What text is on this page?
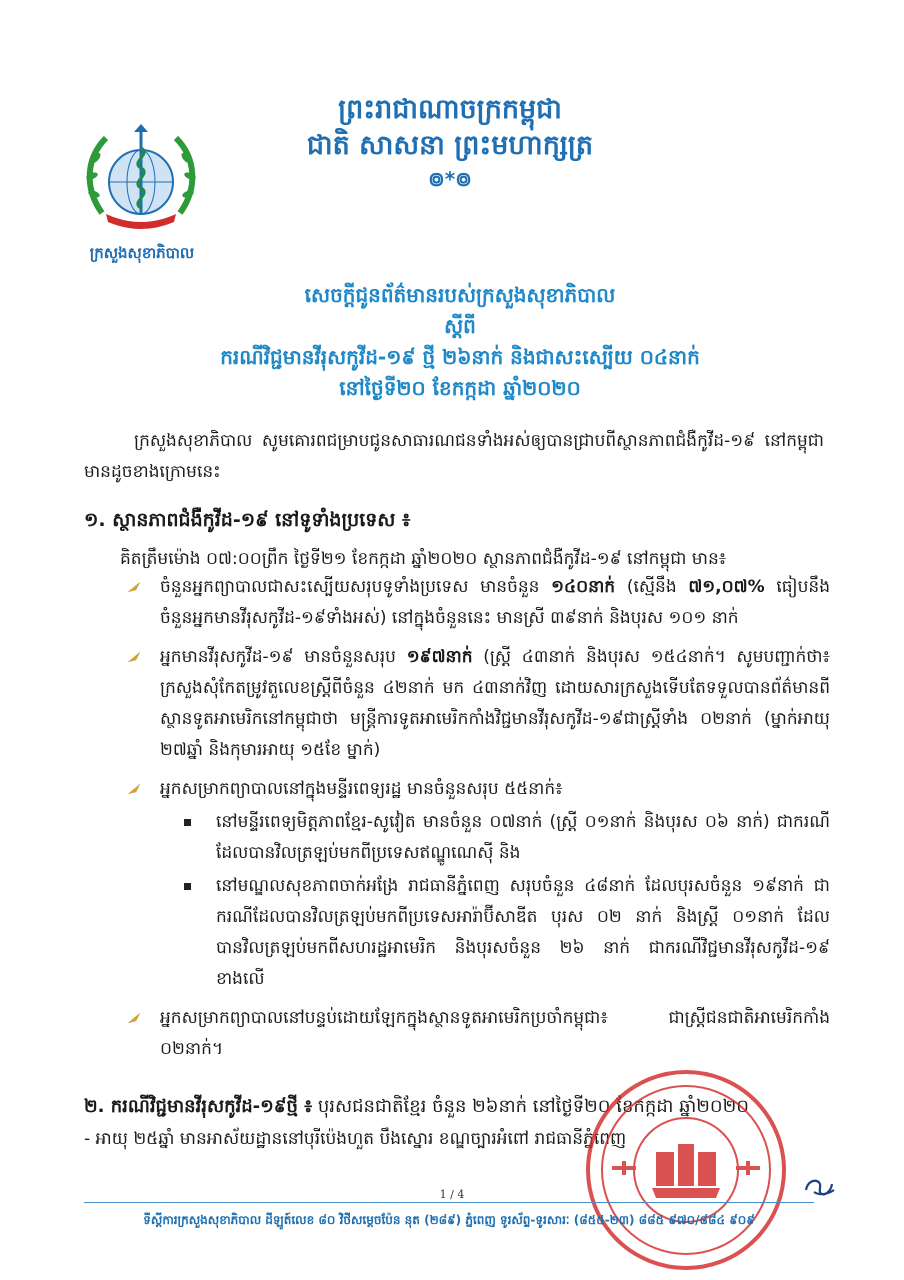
ព្រះរាជាណាចក្រកម្ពុជា
ជាតិ សាសនា ព្រះមហាក្សត្រ
៙*៙
ក្រសួងសុខាភិបាល
សេចក្ដីជូនព័ត៌មានរបស់ក្រសួងសុខាភិបាល
ស្ដីពី
ករណីវិជ្ជមានវីរុសកូវីដ-១៩ ថ្មី ២៦នាក់ និងជាសះស្បើយ ០៤នាក់
នៅថ្ងៃទី២០ ខែកក្កដា ឆ្នាំ២០២០
ក្រសួងសុខាភិបាល សូមគោរពជម្រាបជូនសាធារណជនទាំងអស់ឲ្យបានជ្រាបពីស្ថានភាពជំងឺកូវីដ-១៩ នៅកម្ពុជា មានដូចខាងក្រោមនេះ
១. ស្ថានភាពជំងឺកូវីដ-១៩ នៅទូទាំងប្រទេស ៖
គិតត្រឹមម៉ោង ០៧:០០ព្រឹក ថ្ងៃទី២១ ខែកក្កដា ឆ្នាំ២០២០ ស្ថានភាពជំងឺកូវីដ-១៩ នៅកម្ពុជា មាន៖
ចំនួនអ្នកព្យាបាលជាសះស្បើយសរុបទូទាំងប្រទេស មានចំនួន ១៤០នាក់ (ស្មើនឹង ៧១,០៧% ធៀបនឹងចំនួនអ្នកមានវីរុសកូវីដ-១៩ទាំងអស់) នៅក្នុងចំនួននេះ មានស្រី ៣៩នាក់ និងបុរស ១០១ នាក់
អ្នកមានវីរុសកូវីដ-១៩ មានចំនួនសរុប ១៩៧នាក់ (ស្ត្រី ៤៣នាក់ និងបុរស ១៥៤នាក់។ សូមបញ្ជាក់ថា៖ ក្រសួងសុំកែតម្រូវតួលេខស្ត្រីពីចំនួន ៤២នាក់ មក ៤៣នាក់វិញ ដោយសារក្រសួងទើបតែទទួលបានព័ត៌មានពីស្ថានទូតអាមេរិកនៅកម្ពុជាថា មន្ត្រីការទូតអាមេរិកកាំងវិជ្ជមានវីរុសកូវីដ-១៩ជាស្ត្រីទាំង ០២នាក់ (ម្នាក់អាយុ ២៧ឆ្នាំ និងកុមារអាយុ ១៥ខែ ម្នាក់)
អ្នកសម្រាកព្យាបាលនៅក្នុងមន្ទីរពេទ្យរដ្ឋ មានចំនួនសរុប ៥៥នាក់៖
នៅមន្ទីរពេទ្យមិត្តភាពខ្មែរ-សូវៀត មានចំនួន ០៧នាក់ (ស្ត្រី ០១នាក់ និងបុរស ០៦ នាក់) ជាករណីដែលបានវិលត្រឡប់មកពីប្រទេសឥណ្ឌូណេស៊ី និង
នៅមណ្ឌលសុខភាពចាក់អង្រែ រាជធានីភ្នំពេញ សរុបចំនួន ៤៨នាក់ ដែលបុរសចំនួន ១៩នាក់ ជាករណីដែលបានវិលត្រឡប់មកពីប្រទេសអារ៉ាប៊ីសាឌីត បុរស ០២ នាក់ និងស្ត្រី ០១នាក់ ដែលបានវិលត្រឡប់មកពីសហរដ្ឋអាមេរិក និងបុរសចំនួន ២៦ នាក់ ជាករណីវិជ្ជមានវីរុសកូវីដ-១៩ ខាងលើ
អ្នកសម្រាកព្យាបាលនៅបន្ទប់ដោយឡែកក្នុងស្ថានទូតអាមេរិកប្រចាំកម្ពុជា៖ ជាស្ត្រីជនជាតិអាមេរិកកាំង ០២នាក់។
២. ករណីវិជ្ជមានវីរុសកូវីដ-១៩ថ្មី ៖ បុរសជនជាតិខ្មែរ ចំនួន ២៦នាក់ នៅថ្ងៃទី២០ ខែកក្កដា ឆ្នាំ២០២០
- អាយុ ២៥ឆ្នាំ មានអាស័យដ្ឋាននៅបុរីប៉េងហួត បឹងស្នោរ ខណ្ឌច្បារអំពៅ រាជធានីភ្នំពេញ
1 / 4
ទីស្តីការក្រសួងសុខាភិបាល ដីឡូត៍លេខ ៨០ វិថីសម្ដេចប៉ែន នុត (២៨៩) ភ្នំពេញ ទូរស័ព្ទ-ទូរសារៈ (៨៥៥-២៣) ៨៨៥ ៩៧០/៨៨៤ ៩០៩
